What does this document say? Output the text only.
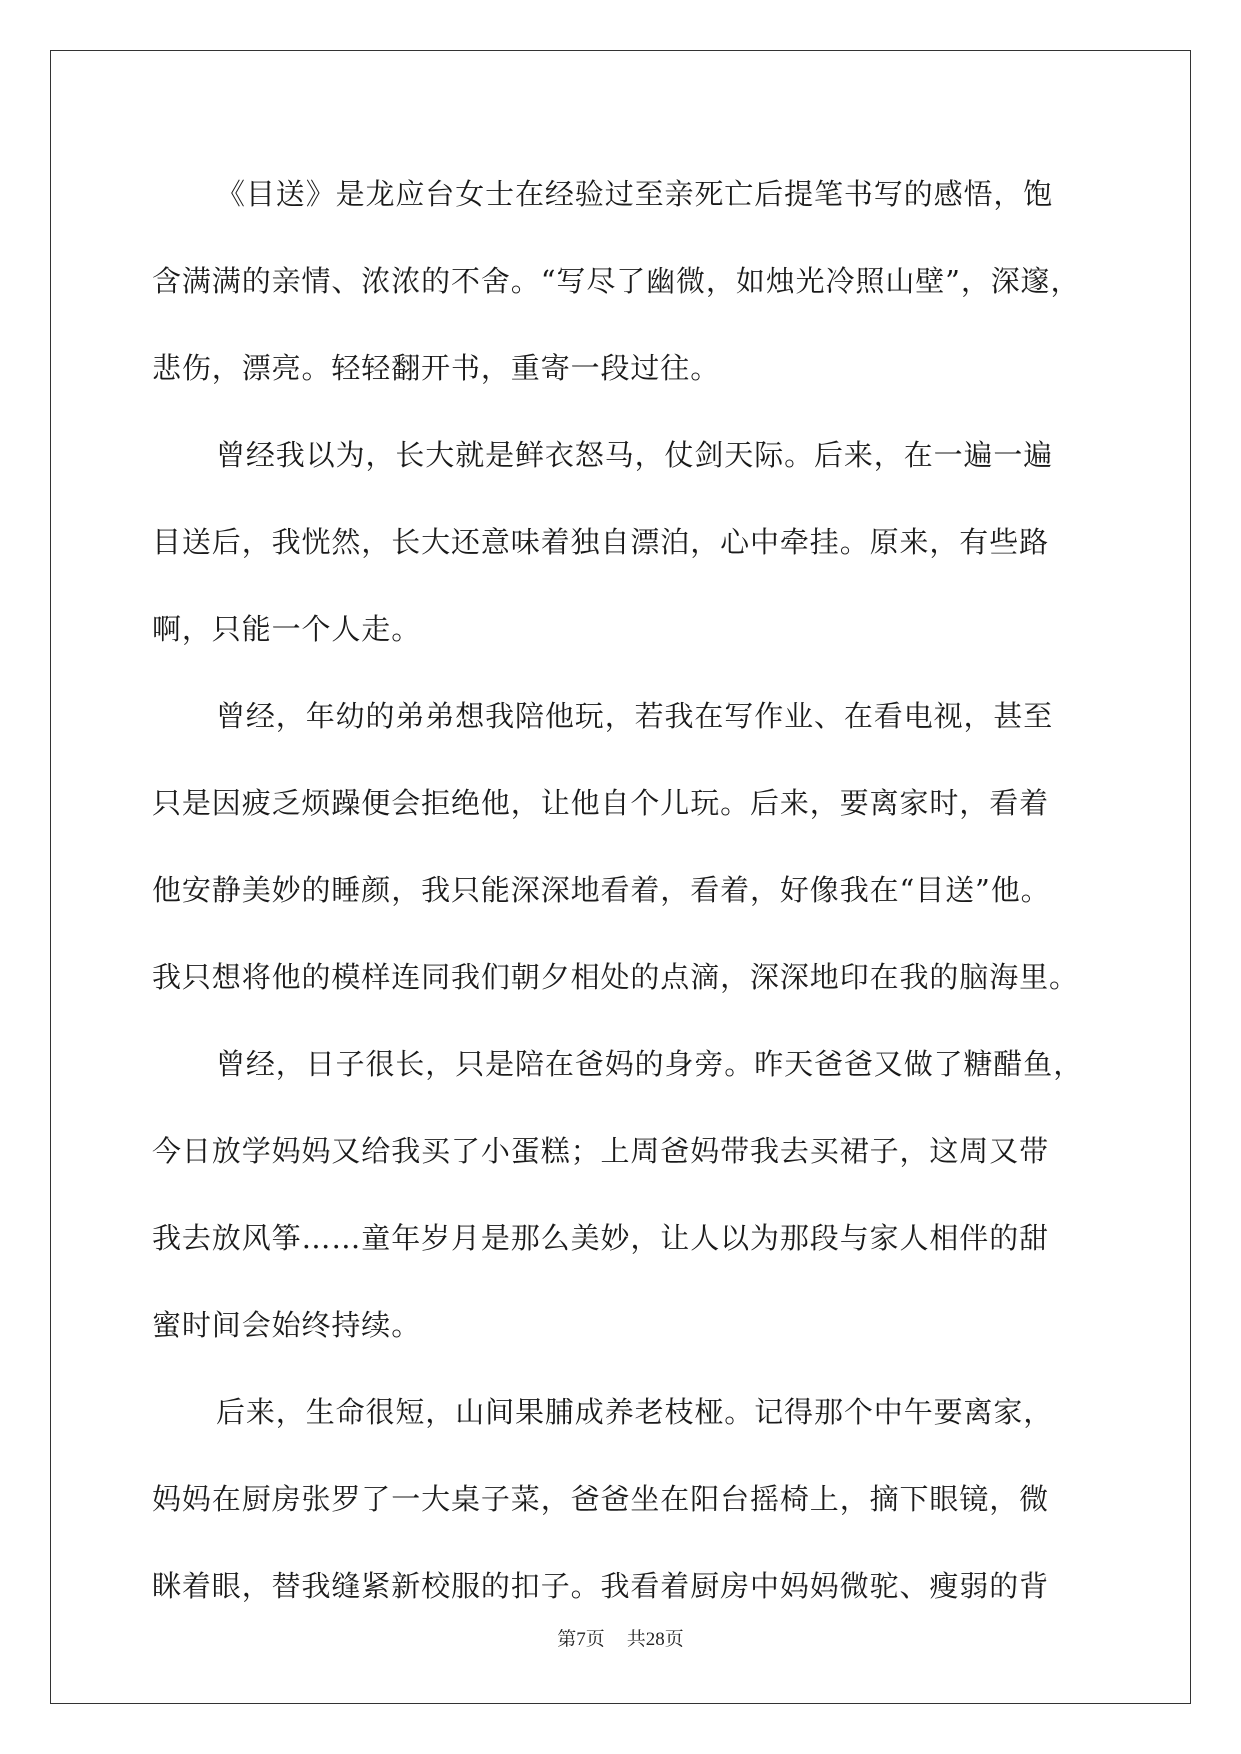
《目送》是龙应台女士在经验过至亲死亡后提笔书写的感悟，饱
含满满的亲情、浓浓的不舍。“写尽了幽微，如烛光冷照山壁”，深邃，
悲伤，漂亮。轻轻翻开书，重寄一段过往。
曾经我以为，长大就是鲜衣怒马，仗剑天际。后来，在一遍一遍
目送后，我恍然，长大还意味着独自漂泊，心中牵挂。原来，有些路
啊，只能一个人走。
曾经，年幼的弟弟想我陪他玩，若我在写作业、在看电视，甚至
只是因疲乏烦躁便会拒绝他，让他自个儿玩。后来，要离家时，看着
他安静美妙的睡颜，我只能深深地看着，看着，好像我在“目送”他。
我只想将他的模样连同我们朝夕相处的点滴，深深地印在我的脑海里。
曾经，日子很长，只是陪在爸妈的身旁。昨天爸爸又做了糖醋鱼，
今日放学妈妈又给我买了小蛋糕；上周爸妈带我去买裙子，这周又带
我去放风筝……童年岁月是那么美妙，让人以为那段与家人相伴的甜
蜜时间会始终持续。
后来，生命很短，山间果脯成养老枝桠。记得那个中午要离家，
妈妈在厨房张罗了一大桌子菜，爸爸坐在阳台摇椅上，摘下眼镜，微
眯着眼，替我缝紧新校服的扣子。我看着厨房中妈妈微驼、瘦弱的背
第7页 共28页
